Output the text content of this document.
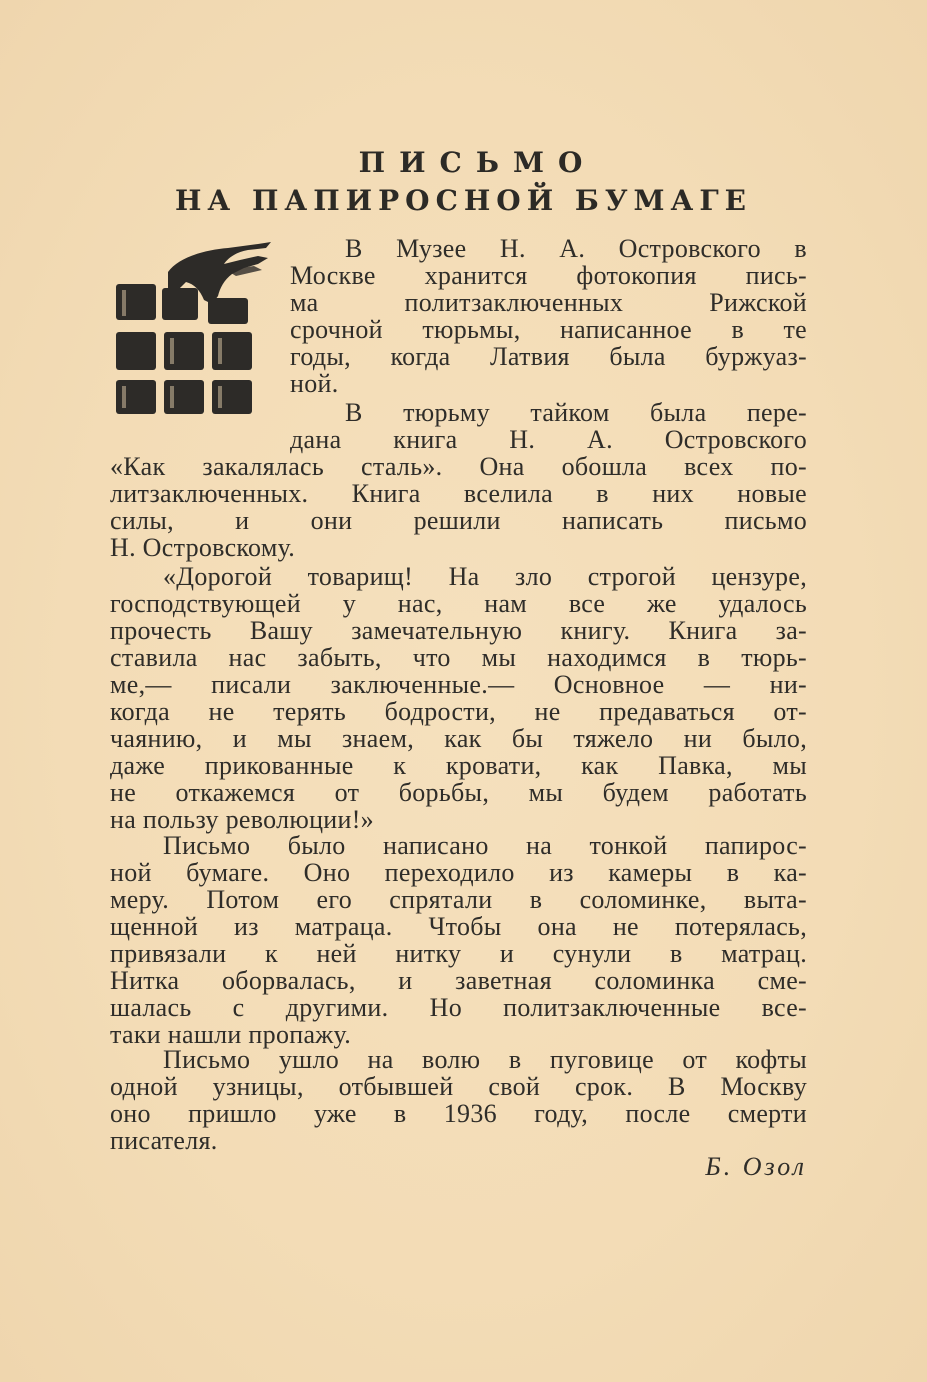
ПИСЬМО
НА ПАПИРОСНОЙ БУМАГЕ
В Музее Н. А. Островского в
Москве хранится фотокопия пись-
ма политзаключенных Рижской
срочной тюрьмы, написанное в те
годы, когда Латвия была буржуаз-
ной.
В тюрьму тайком была пере-
дана книга Н. А. Островского
«Как закалялась сталь». Она обошла всех по-
литзаключенных. Книга вселила в них новые
силы, и они решили написать письмо
Н. Островскому.
«Дорогой товарищ! На зло строгой цензуре,
господствующей у нас, нам все же удалось
прочесть Вашу замечательную книгу. Книга за-
ставила нас забыть, что мы находимся в тюрь-
ме,— писали заключенные.— Основное — ни-
когда не терять бодрости, не предаваться от-
чаянию, и мы знаем, как бы тяжело ни было,
даже прикованные к кровати, как Павка, мы
не откажемся от борьбы, мы будем работать
на пользу революции!»
Письмо было написано на тонкой папирос-
ной бумаге. Оно переходило из камеры в ка-
меру. Потом его спрятали в соломинке, выта-
щенной из матраца. Чтобы она не потерялась,
привязали к ней нитку и сунули в матрац.
Нитка оборвалась, и заветная соломинка сме-
шалась с другими. Но политзаключенные все-
таки нашли пропажу.
Письмо ушло на волю в пуговице от кофты
одной узницы, отбывшей свой срок. В Москву
оно пришло уже в 1936 году, после смерти
писателя.
Б. Озол
